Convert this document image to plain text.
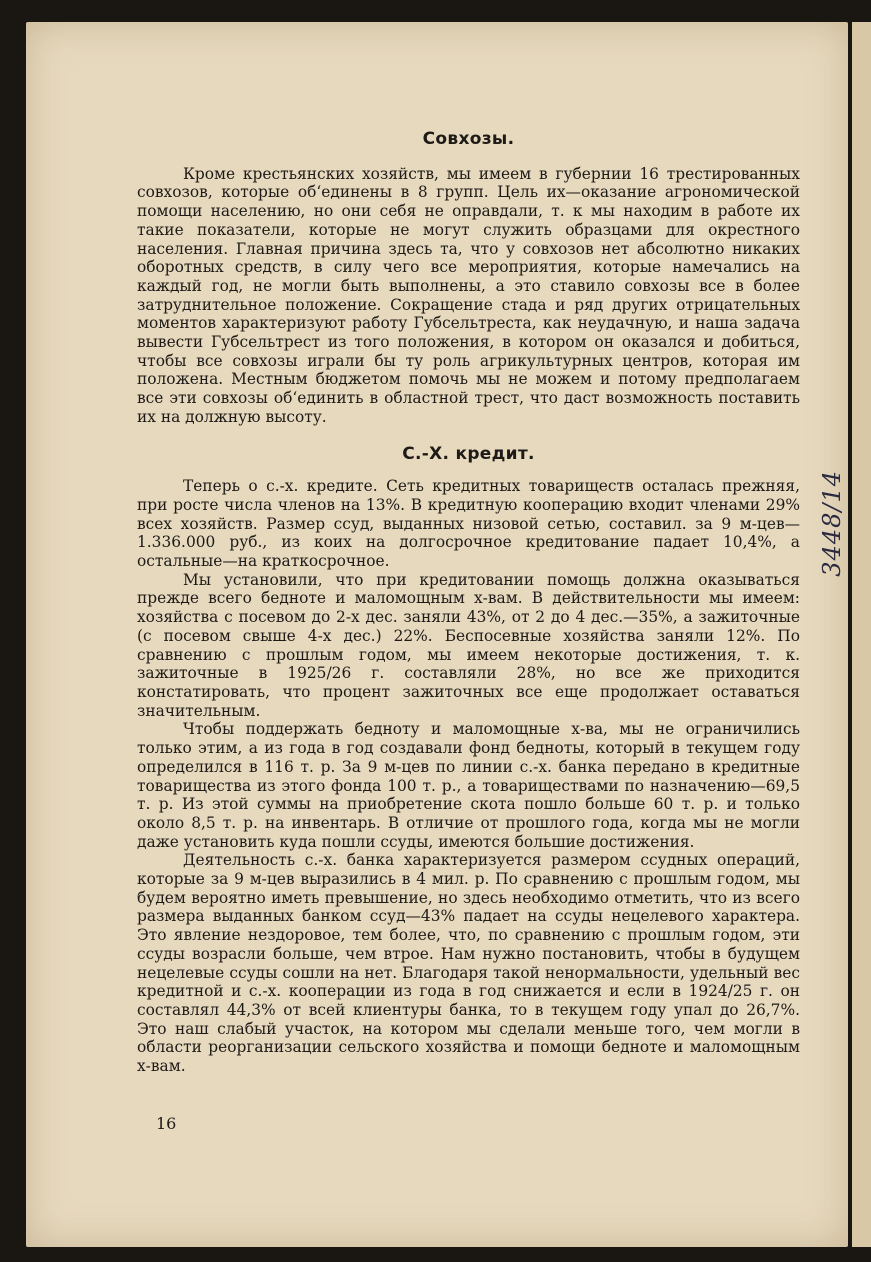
Совхозы.

Кроме крестьянских хозяйств, мы имеем в губернии 16 трестированных совхозов, которые об‘единены в 8 групп. Цель их—оказание агрономической помощи населению, но они себя не оправдали, т. к мы находим в работе их такие показатели, которые не могут служить образцами для окрестного населения. Главная причина здесь та, что у совхозов нет абсолютно никаких оборотных средств, в силу чего все мероприятия, которые намечались на каждый год, не могли быть выполнены, а это ставило совхозы все в более затруднительное положение. Сокращение стада и ряд других отрицательных моментов характеризуют работу Губсельтреста, как неудачную, и наша задача вывести Губсельтрест из того положения, в котором он оказался и добиться, чтобы все совхозы играли бы ту роль агрикультурных центров, которая им положена. Местным бюджетом помочь мы не можем и потому предполагаем все эти совхозы об‘единить в областной трест, что даст возможность поставить их на должную высоту.

С.-Х. кредит.

Теперь о с.-х. кредите. Сеть кредитных товариществ осталась прежняя, при росте числа членов на 13%. В кредитную кооперацию входит членами 29% всех хозяйств. Размер ссуд, выданных низовой сетью, составил. за 9 м-цев—1.336.000 руб., из коих на долгосрочное кредитование падает 10,4%, а остальные—на краткосрочное.

Мы установили, что при кредитовании помощь должна оказываться прежде всего бедноте и маломощным х-вам. В действительности мы имеем: хозяйства с посевом до 2-х дес. заняли 43%, от 2 до 4 дес.—35%, а зажиточные (с посевом свыше 4-х дес.) 22%. Беспосевные хозяйства заняли 12%. По сравнению с прошлым годом, мы имеем некоторые достижения, т. к. зажиточные в 1925/26 г. составляли 28%, но все же приходится констатировать, что процент зажиточных все еще продолжает оставаться значительным.

Чтобы поддержать бедноту и маломощные х-ва, мы не ограничились только этим, а из года в год создавали фонд бедноты, который в текущем году определился в 116 т. р. За 9 м-цев по линии с.-х. банка передано в кредитные товарищества из этого фонда 100 т. р., а товариществами по назначению—69,5 т. р. Из этой суммы на приобретение скота пошло больше 60 т. р. и только около 8,5 т. р. на инвентарь. В отличие от прошлого года, когда мы не могли даже установить куда пошли ссуды, имеются большие достижения.

Деятельность с.-х. банка характеризуется размером ссудных операций, которые за 9 м-цев выразились в 4 мил. р. По сравнению с прошлым годом, мы будем вероятно иметь превышение, но здесь необходимо отметить, что из всего размера выданных банком ссуд—43% падает на ссуды нецелевого характера. Это явление нездоровое, тем более, что, по сравнению с прошлым годом, эти ссуды возрасли больше, чем втрое. Нам нужно постановить, чтобы в будущем нецелевые ссуды сошли на нет. Благодаря такой ненормальности, удельный вес кредитной и с.-х. кооперации из года в год снижается и если в 1924/25 г. он составлял 44,3% от всей клиентуры банка, то в текущем году упал до 26,7%. Это наш слабый участок, на котором мы сделали меньше того, чем могли в области реорганизации сельского хозяйства и помощи бедноте и маломощным х-вам.

16
3448/14
